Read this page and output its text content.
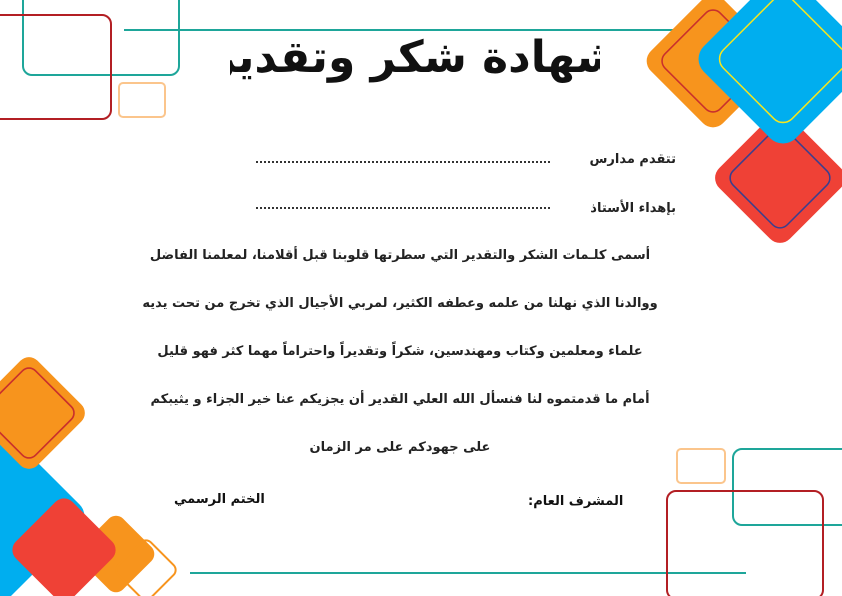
شهادة شكر وتقدير
تتقدم مدارس
بإهداء الأستاذ
أسمى كلـمات الشكر والتقدير التي سطرتها قلوبنا قبل أقلامنا، لمعلمنا الفاضل
ووالدنا الذي نهلنا من علمه وعطفه الكثير، لمربي الأجيال الذي تخرج من تحت يديه
علماء ومعلمين وكتاب ومهندسين، شكراً وتقديراً واحتراماً مهما كثر فهو قليل
أمام ما قدمتموه لنا فنسأل الله العلي القدير أن يجزيكم عنا خير الجزاء و يثيبكم
على جهودكم على مر الزمان
المشرف العام:
الختم الرسمي
